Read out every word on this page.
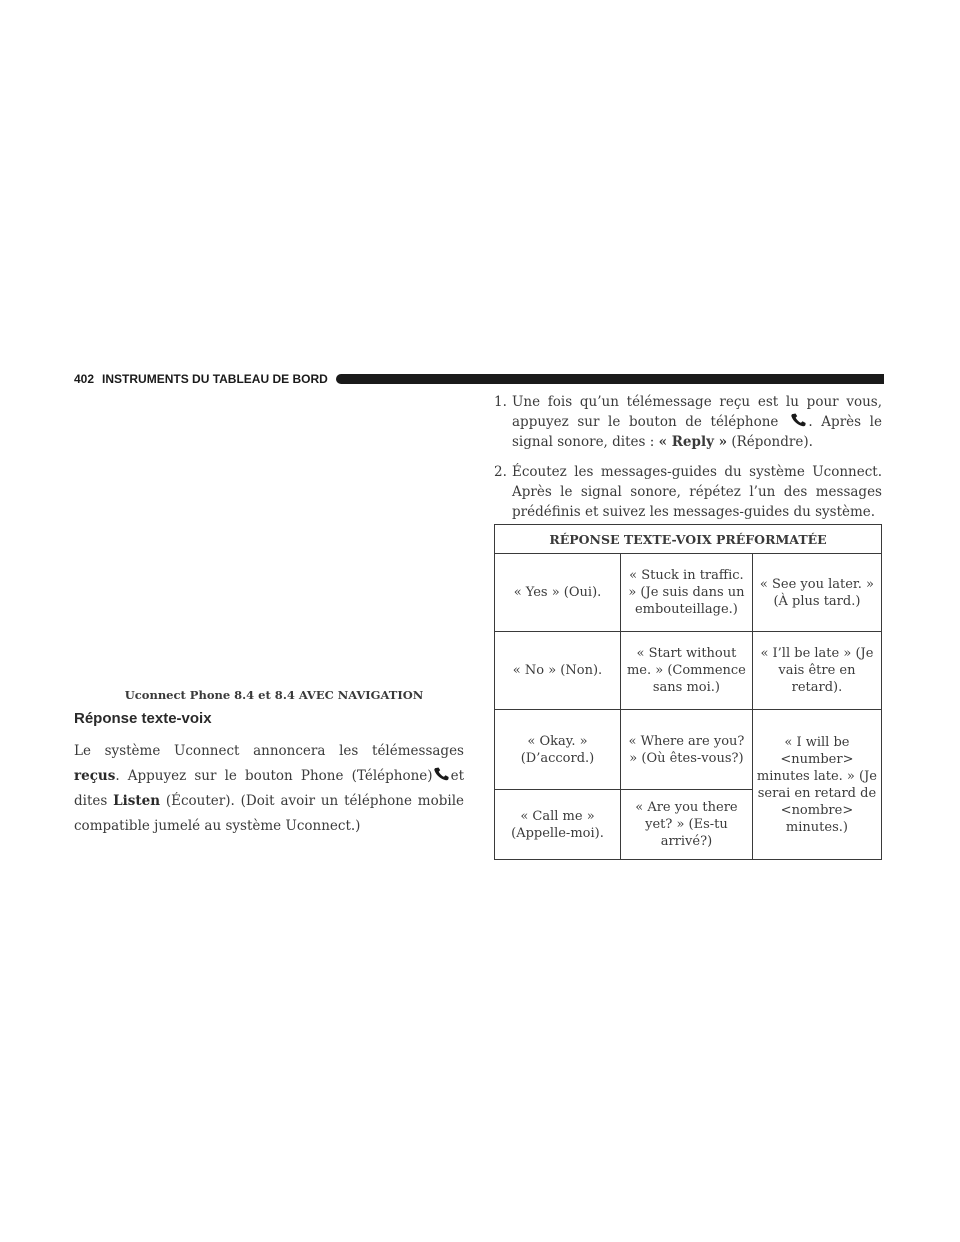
402 INSTRUMENTS DU TABLEAU DE BORD
Uconnect Phone 8.4 et 8.4 AVEC NAVIGATION
Réponse texte-voix

Le système Uconnect annoncera les télémessages reçus. Appuyez sur le bouton Phone (Téléphone) et dites Listen (Écouter). (Doit avoir un téléphone mobile compatible jumelé au système Uconnect.)

1. Une fois qu’un télémessage reçu est lu pour vous, appuyez sur le bouton de téléphone . Après le signal sonore, dites : « Reply » (Répondre).
2. Écoutez les messages-guides du système Uconnect. Après le signal sonore, répétez l’un des messages prédéfinis et suivez les messages-guides du système.
RÉPONSE TEXTE-VOIX PRÉFORMATÉE		
« Yes » (Oui).	« Stuck in traffic. » (Je suis dans un embouteillage.)	« See you later. » (À plus tard.)
« No » (Non).	« Start without me. » (Commence sans moi.)	« I’ll be late » (Je vais être en retard).
« Okay. » (D’accord.)	« Where are you? » (Où êtes-vous?)	« I will be <number> minutes late. » (Je serai en retard de <nombre> minutes.)
« Call me » (Appelle-moi).	« Are you there yet? » (Es-tu arrivé?)	
